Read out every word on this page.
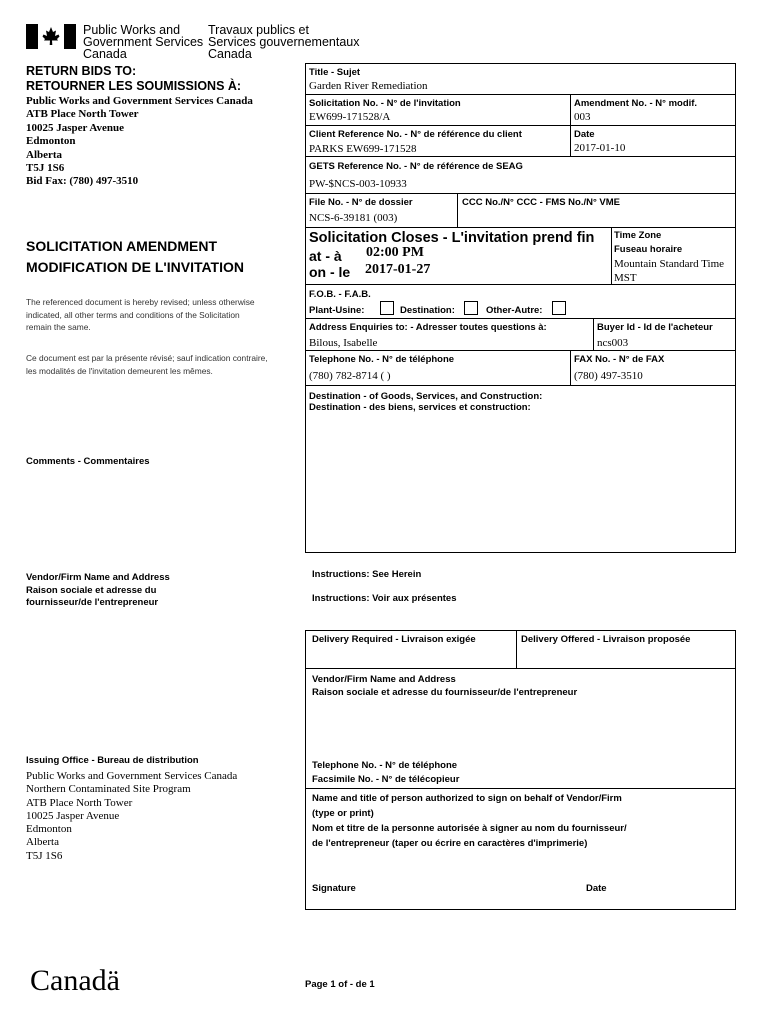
Public Works and
Government Services
Canada
Travaux publics et
Services gouvernementaux
Canada
RETURN BIDS TO:
RETOURNER LES SOUMISSIONS À:
Public Works and Government Services Canada
ATB Place North Tower
10025 Jasper Avenue
Edmonton
Alberta
T5J 1S6
Bid Fax: (780) 497-3510
SOLICITATION AMENDMENT
MODIFICATION DE L'INVITATION
The referenced document is hereby revised; unless otherwise
indicated, all other terms and conditions of the Solicitation
remain the same.
Ce document est par la présente révisé; sauf indication contraire,
les modalités de l'invitation demeurent les mêmes.
Comments - Commentaires
Vendor/Firm Name and Address
Raison sociale et adresse du
fournisseur/de l'entrepreneur
Issuing Office - Bureau de distribution
Public Works and Government Services Canada
Northern Contaminated Site Program
ATB Place North Tower
10025 Jasper Avenue
Edmonton
Alberta
T5J 1S6
Title - Sujet
Garden River Remediation
Solicitation No. - N° de l'invitation
EW699-171528/A
Amendment No. - N° modif.
003
Client Reference No. - N° de référence du client
PARKS EW699-171528
Date
2017-01-10
GETS Reference No. - N° de référence de SEAG
PW-$NCS-003-10933
File No. - N° de dossier
NCS-6-39181 (003)
CCC No./N° CCC - FMS No./N° VME
Solicitation Closes - L'invitation prend fin
at - à 02:00 PM
on - le 2017-01-27
Time Zone
Fuseau horaire
Mountain Standard Time
MST
F.O.B. - F.A.B.
Plant-Usine:	Destination:	Other-Autre:
Address Enquiries to: - Adresser toutes questions à:
Bilous, Isabelle
Buyer Id - Id de l'acheteur
ncs003
Telephone No. - N° de téléphone
(780) 782-8714 ( )
FAX No. - N° de FAX
(780) 497-3510
Destination - of Goods, Services, and Construction:
Destination - des biens, services et construction:
Instructions: See Herein
Instructions: Voir aux présentes
Delivery Required - Livraison exigée	Delivery Offered - Livraison proposée
Vendor/Firm Name and Address
Raison sociale et adresse du fournisseur/de l'entrepreneur
Telephone No. - N° de téléphone
Facsimile No. - N° de télécopieur
Name and title of person authorized to sign on behalf of Vendor/Firm
(type or print)
Nom et titre de la personne autorisée à signer au nom du fournisseur/
de l'entrepreneur (taper ou écrire en caractères d'imprimerie)
Signature	Date
Canadä	Page 1 of - de 1
